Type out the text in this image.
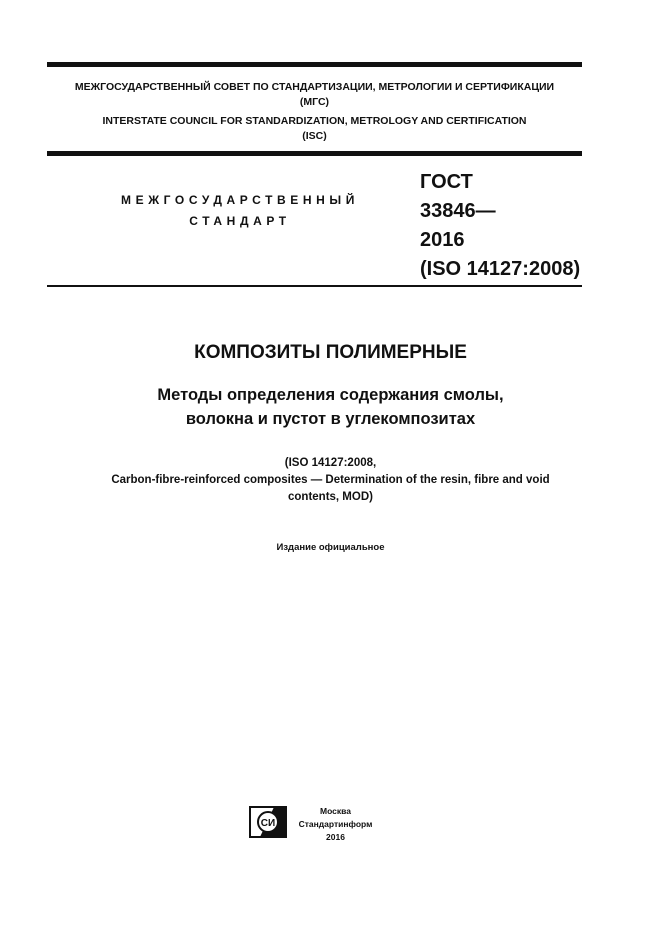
МЕЖГОСУДАРСТВЕННЫЙ СОВЕТ ПО СТАНДАРТИЗАЦИИ, МЕТРОЛОГИИ И СЕРТИФИКАЦИИ
(МГС)
INTERSTATE COUNCIL FOR STANDARDIZATION, METROLOGY AND CERTIFICATION
(ISC)
МЕЖГОСУДАРСТВЕННЫЙ
СТАНДАРТ
ГОСТ
33846—
2016
(ISO 14127:2008)
КОМПОЗИТЫ ПОЛИМЕРНЫЕ
Методы определения содержания смолы,
волокна и пустот в углекомпозитах
(ISO 14127:2008,
Carbon-fibre-reinforced composites — Determination of the resin, fibre and void
contents, MOD)
Издание официальное
СИ
Москва
Стандартинформ
2016
